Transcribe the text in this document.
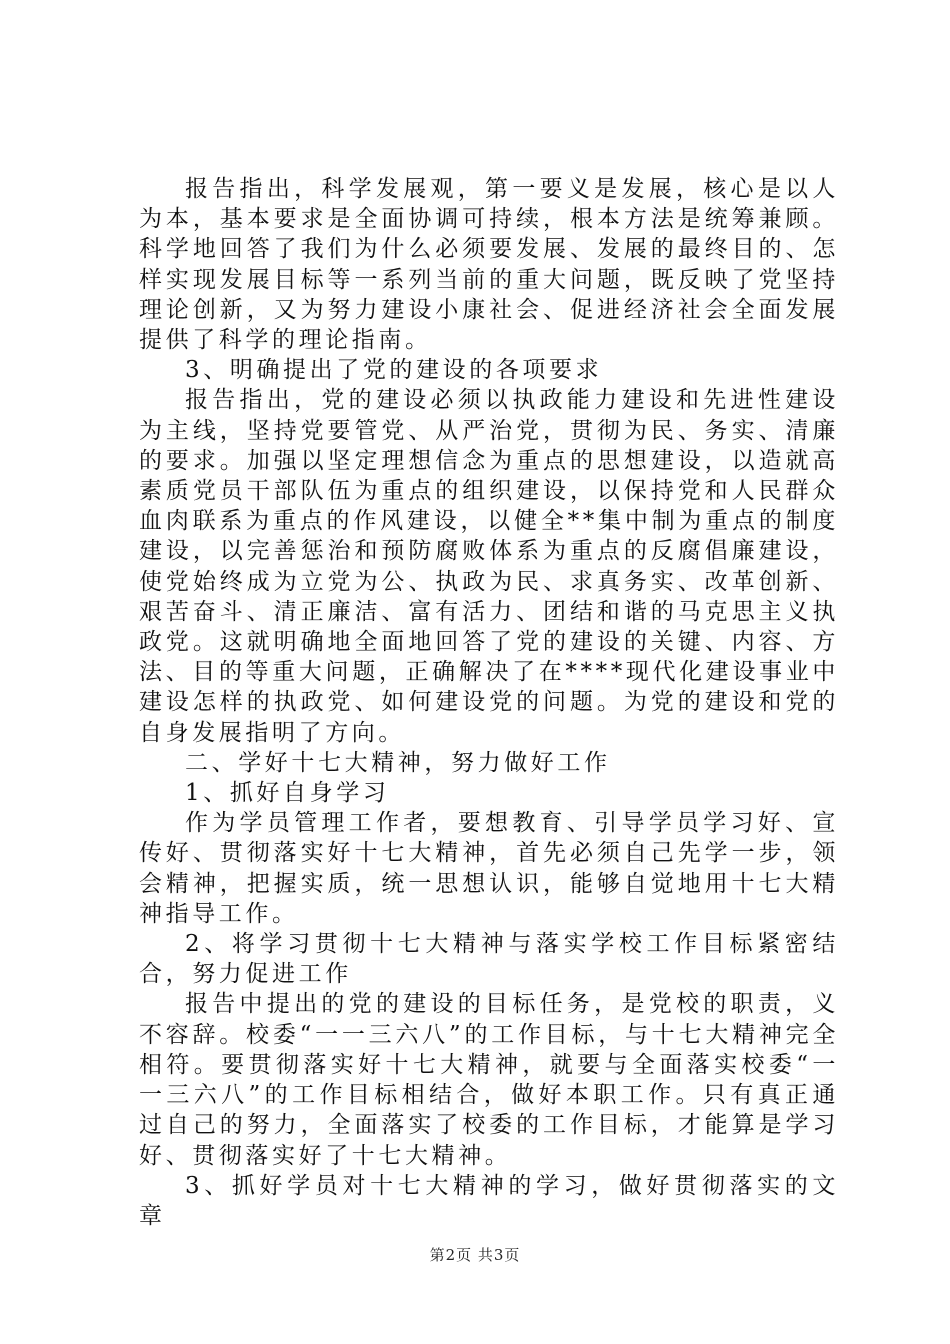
报告指出，科学发展观，第一要义是发展，核心是以人为本，基本要求是全面协调可持续，根本方法是统筹兼顾。科学地回答了我们为什么必须要发展、发展的最终目的、怎样实现发展目标等一系列当前的重大问题，既反映了党坚持理论创新，又为努力建设小康社会、促进经济社会全面发展提供了科学的理论指南。

3、明确提出了党的建设的各项要求

报告指出，党的建设必须以执政能力建设和先进性建设为主线，坚持党要管党、从严治党，贯彻为民、务实、清廉的要求。加强以坚定理想信念为重点的思想建设，以造就高素质党员干部队伍为重点的组织建设，以保持党和人民群众血肉联系为重点的作风建设，以健全**集中制为重点的制度建设，以完善惩治和预防腐败体系为重点的反腐倡廉建设，使党始终成为立党为公、执政为民、求真务实、改革创新、艰苦奋斗、清正廉洁、富有活力、团结和谐的马克思主义执政党。这就明确地全面地回答了党的建设的关键、内容、方法、目的等重大问题，正确解决了在****现代化建设事业中建设怎样的执政党、如何建设党的问题。为党的建设和党的自身发展指明了方向。

二、学好十七大精神，努力做好工作

1、抓好自身学习

作为学员管理工作者，要想教育、引导学员学习好、宣传好、贯彻落实好十七大精神，首先必须自己先学一步，领会精神，把握实质，统一思想认识，能够自觉地用十七大精神指导工作。

2、将学习贯彻十七大精神与落实学校工作目标紧密结合，努力促进工作

报告中提出的党的建设的目标任务，是党校的职责，义不容辞。校委“一一三六八”的工作目标，与十七大精神完全相符。要贯彻落实好十七大精神，就要与全面落实校委“一一三六八”的工作目标相结合，做好本职工作。只有真正通过自己的努力，全面落实了校委的工作目标，才能算是学习好、贯彻落实好了十七大精神。

3、抓好学员对十七大精神的学习，做好贯彻落实的文章

第2页 共3页
